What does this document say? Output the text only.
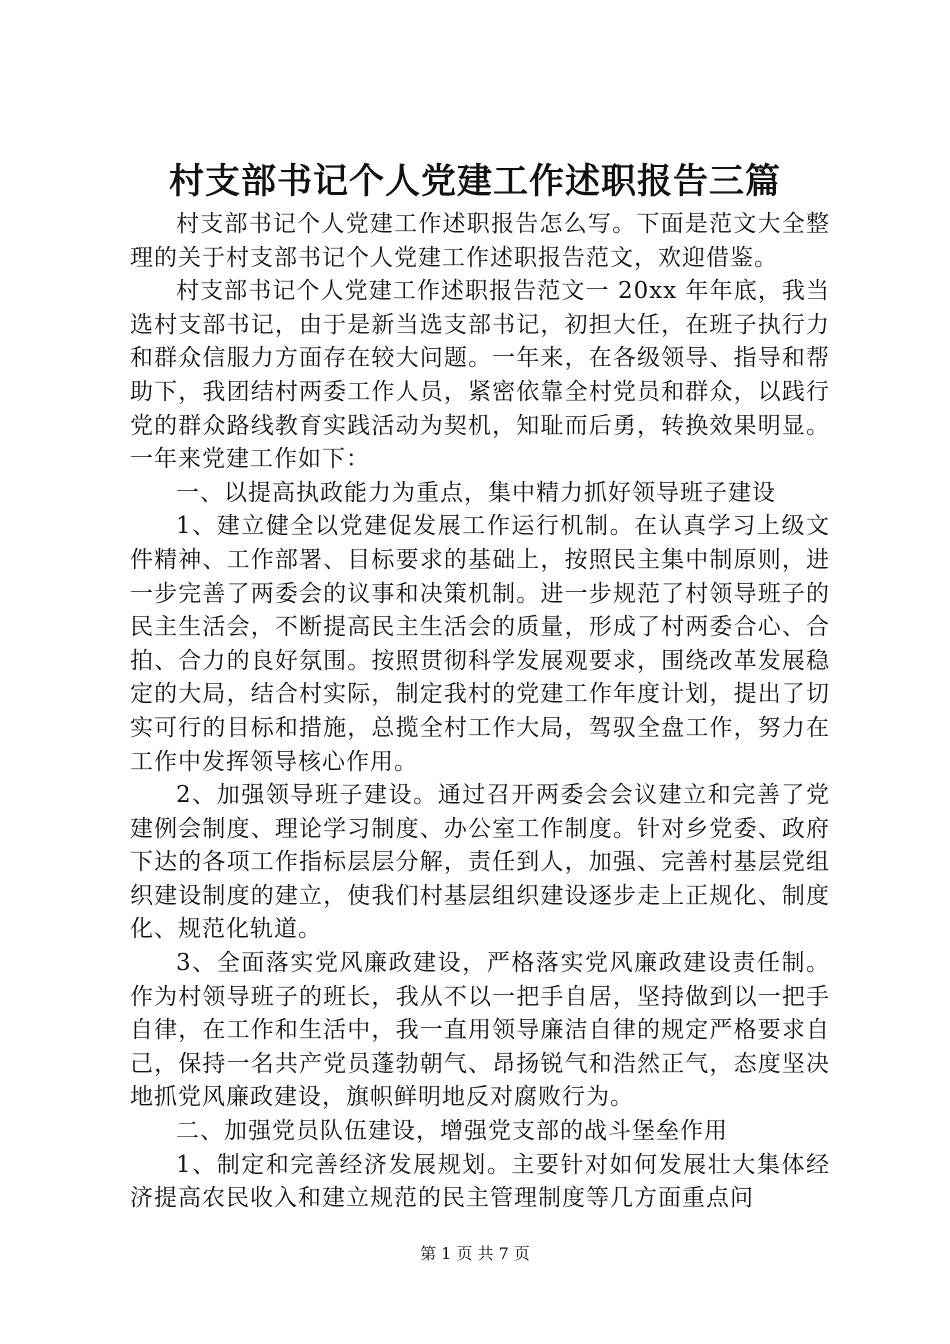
村支部书记个人党建工作述职报告三篇

村支部书记个人党建工作述职报告怎么写。下面是范文大全整理的关于村支部书记个人党建工作述职报告范文，欢迎借鉴。

村支部书记个人党建工作述职报告范文一 20xx 年年底，我当选村支部书记，由于是新当选支部书记，初担大任，在班子执行力和群众信服力方面存在较大问题。一年来，在各级领导、指导和帮助下，我团结村两委工作人员，紧密依靠全村党员和群众，以践行党的群众路线教育实践活动为契机，知耻而后勇，转换效果明显。一年来党建工作如下：

一、以提高执政能力为重点，集中精力抓好领导班子建设

1、建立健全以党建促发展工作运行机制。在认真学习上级文件精神、工作部署、目标要求的基础上，按照民主集中制原则，进一步完善了两委会的议事和决策机制。进一步规范了村领导班子的民主生活会，不断提高民主生活会的质量，形成了村两委合心、合拍、合力的良好氛围。按照贯彻科学发展观要求，围绕改革发展稳定的大局，结合村实际，制定我村的党建工作年度计划，提出了切实可行的目标和措施，总揽全村工作大局，驾驭全盘工作，努力在工作中发挥领导核心作用。

2、加强领导班子建设。通过召开两委会会议建立和完善了党建例会制度、理论学习制度、办公室工作制度。针对乡党委、政府下达的各项工作指标层层分解，责任到人，加强、完善村基层党组织建设制度的建立，使我们村基层组织建设逐步走上正规化、制度化、规范化轨道。

3、全面落实党风廉政建设，严格落实党风廉政建设责任制。作为村领导班子的班长，我从不以一把手自居，坚持做到以一把手自律，在工作和生活中，我一直用领导廉洁自律的规定严格要求自己，保持一名共产党员蓬勃朝气、昂扬锐气和浩然正气，态度坚决地抓党风廉政建设，旗帜鲜明地反对腐败行为。

二、加强党员队伍建设，增强党支部的战斗堡垒作用

1、制定和完善经济发展规划。主要针对如何发展壮大集体经济提高农民收入和建立规范的民主管理制度等几方面重点问

第 1 页 共 7 页
